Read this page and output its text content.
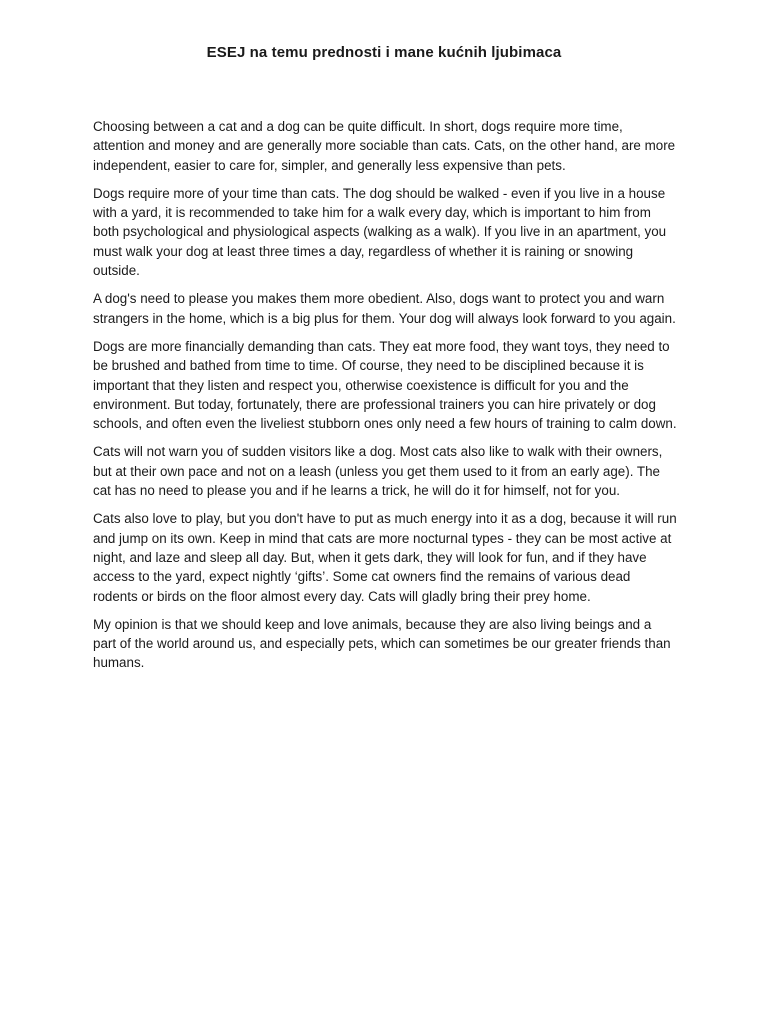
ESEJ na temu prednosti i mane kućnih ljubimaca

Choosing between a cat and a dog can be quite difficult. In short, dogs require more time, attention and money and are generally more sociable than cats. Cats, on the other hand, are more independent, easier to care for, simpler, and generally less expensive than pets.

Dogs require more of your time than cats. The dog should be walked - even if you live in a house with a yard, it is recommended to take him for a walk every day, which is important to him from both psychological and physiological aspects (walking as a walk). If you live in an apartment, you must walk your dog at least three times a day, regardless of whether it is raining or snowing outside.

A dog's need to please you makes them more obedient. Also, dogs want to protect you and warn strangers in the home, which is a big plus for them. Your dog will always look forward to you again.

Dogs are more financially demanding than cats. They eat more food, they want toys, they need to be brushed and bathed from time to time. Of course, they need to be disciplined because it is important that they listen and respect you, otherwise coexistence is difficult for you and the environment. But today, fortunately, there are professional trainers you can hire privately or dog schools, and often even the liveliest stubborn ones only need a few hours of training to calm down.

Cats will not warn you of sudden visitors like a dog. Most cats also like to walk with their owners, but at their own pace and not on a leash (unless you get them used to it from an early age). The cat has no need to please you and if he learns a trick, he will do it for himself, not for you.

Cats also love to play, but you don't have to put as much energy into it as a dog, because it will run and jump on its own. Keep in mind that cats are more nocturnal types - they can be most active at night, and laze and sleep all day. But, when it gets dark, they will look for fun, and if they have access to the yard, expect nightly ‘gifts’. Some cat owners find the remains of various dead rodents or birds on the floor almost every day. Cats will gladly bring their prey home.

My opinion is that we should keep and love animals, because they are also living beings and a part of the world around us, and especially pets, which can sometimes be our greater friends than humans.
